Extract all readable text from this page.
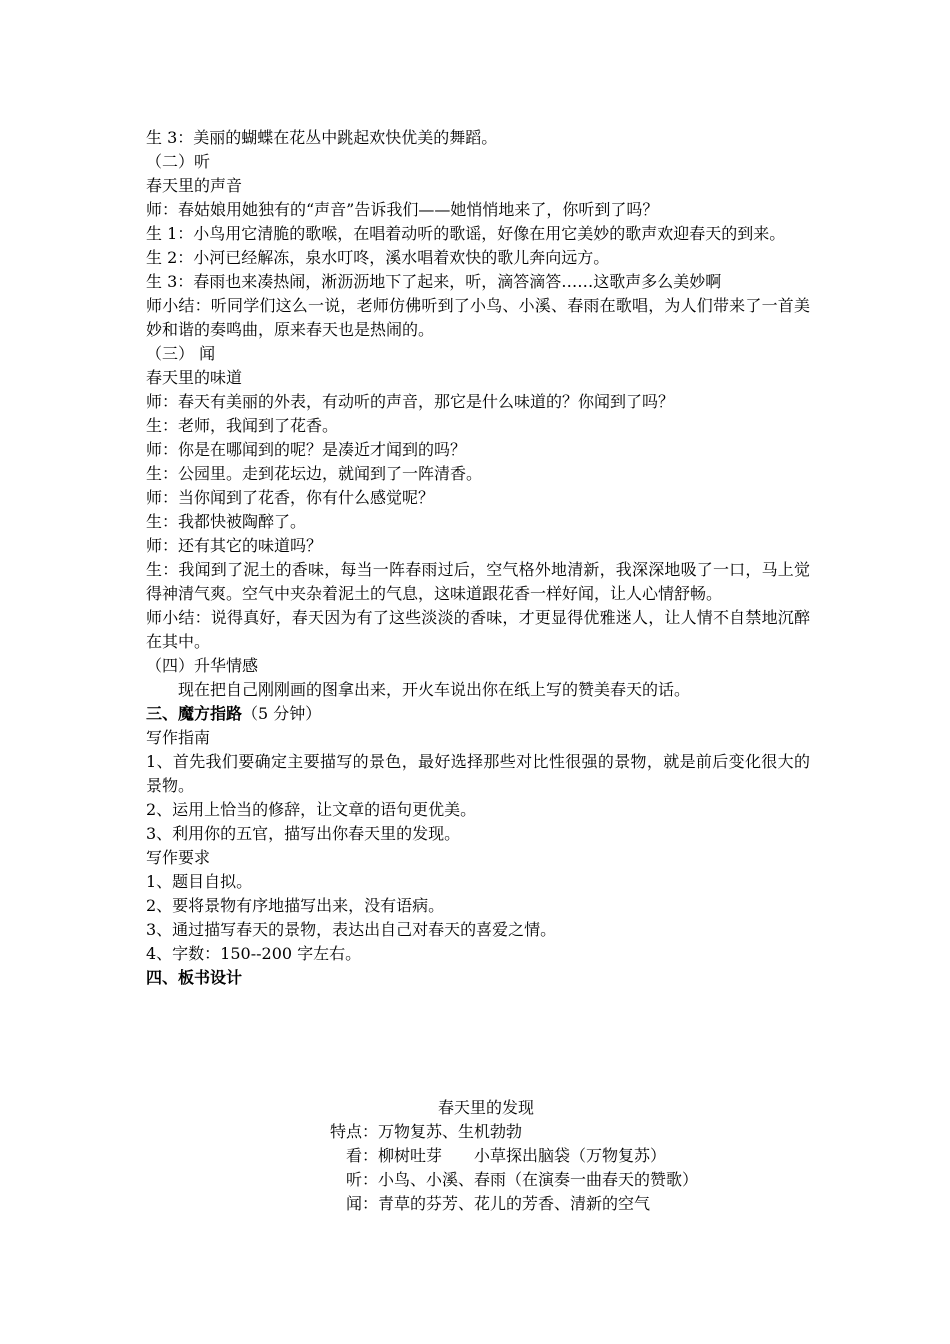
生 3：美丽的蝴蝶在花丛中跳起欢快优美的舞蹈。
（二）听
春天里的声音
师：春姑娘用她独有的“声音”告诉我们——她悄悄地来了，你听到了吗？
生 1：小鸟用它清脆的歌喉，在唱着动听的歌谣，好像在用它美妙的歌声欢迎春天的到来。
生 2：小河已经解冻，泉水叮咚，溪水唱着欢快的歌儿奔向远方。
生 3：春雨也来凑热闹，淅沥沥地下了起来，听，滴答滴答……这歌声多么美妙啊
师小结：听同学们这么一说，老师仿佛听到了小鸟、小溪、春雨在歌唱，为人们带来了一首美妙和谐的奏鸣曲，原来春天也是热闹的。
（三） 闻
春天里的味道
师：春天有美丽的外表，有动听的声音，那它是什么味道的？你闻到了吗？
生：老师，我闻到了花香。
师：你是在哪闻到的呢？是凑近才闻到的吗？
生：公园里。走到花坛边，就闻到了一阵清香。
师：当你闻到了花香，你有什么感觉呢？
生：我都快被陶醉了。
师：还有其它的味道吗？
生：我闻到了泥土的香味，每当一阵春雨过后，空气格外地清新，我深深地吸了一口，马上觉得神清气爽。空气中夹杂着泥土的气息，这味道跟花香一样好闻，让人心情舒畅。
师小结：说得真好，春天因为有了这些淡淡的香味，才更显得优雅迷人，让人情不自禁地沉醉在其中。
（四）升华情感
现在把自己刚刚画的图拿出来，开火车说出你在纸上写的赞美春天的话。
三、魔方指路（5 分钟）
写作指南
1、首先我们要确定主要描写的景色，最好选择那些对比性很强的景物，就是前后变化很大的景物。
2、运用上恰当的修辞，让文章的语句更优美。
3、利用你的五官，描写出你春天里的发现。
写作要求
1、题目自拟。
2、要将景物有序地描写出来，没有语病。
3、通过描写春天的景物，表达出自己对春天的喜爱之情。
4、字数：150--200 字左右。
四、板书设计
春天里的发现
特点：万物复苏、生机勃勃
看：柳树吐芽　　小草探出脑袋（万物复苏）
听：小鸟、小溪、春雨（在演奏一曲春天的赞歌）
闻：青草的芬芳、花儿的芳香、清新的空气
